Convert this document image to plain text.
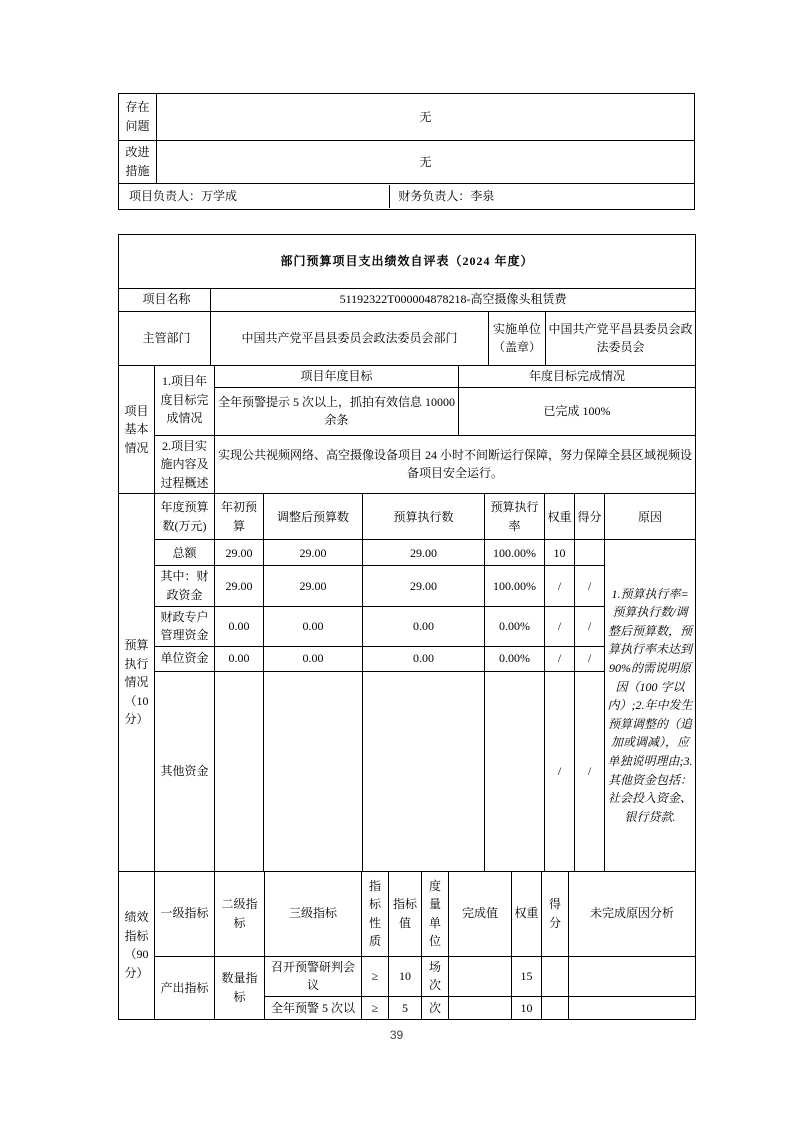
存在问题	无
改进措施	无

项目负责人：万学成 财务负责人：李泉	
部门预算项目支出绩效自评表（2024 年度）			
项目名称	51192322T000004878218-高空摄像头租赁费		
主管部门	中国共产党平昌县委员会政法委员会部门	实施单位（盖章）	中国共产党平昌县委员会政法委员会
项目基本情况	1.项目年度目标完成情况	项目年度目标	年度目标完成情况
		全年预警提示 5 次以上，抓拍有效信息 10000 余条	已完成 100%
	2.项目实施内容及过程概述	实现公共视频网络、高空摄像设备项目 24 小时不间断运行保障，努力保障全县区域视频设备项目安全运行。	
预算执行情况（10 分）	年度预算数(万元)	年初预算	调整后预算数	预算执行数	预算执行率	权重	得分	原因
	总额	29.00	29.00	29.00	100.00%	10		1.预算执行率=预算执行数/调整后预算数，预算执行率未达到90%的需说明原因（100 字以内）;2.年中发生预算调整的（追加或调减），应单独说明理由;3.其他资金包括：社会投入资金、银行贷款.
	其中：财政资金	29.00	29.00	29.00	100.00%	/	/	
	财政专户管理资金	0.00	0.00	0.00	0.00%	/	/	
	单位资金	0.00	0.00	0.00	0.00%	/	/	
	其他资金					/	/	
绩效指标（90 分）	一级指标	二级指标	三级指标	指标性质	指标值	度量单位	完成值	权重	得分	未完成原因分析
	产出指标	数量指标	召开预警研判会议	≥	10	场次		15		
			全年预警 5 次以	≥	5	次		10		
39
